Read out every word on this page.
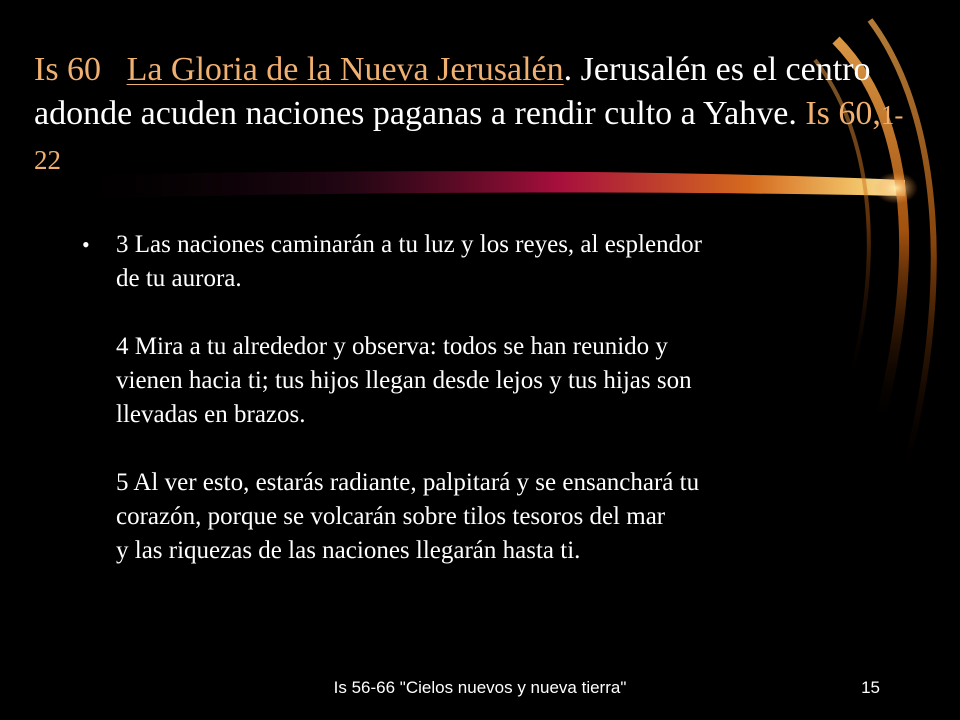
Is 60 La Gloria de la Nueva Jerusalén. Jerusalén es el centro adonde acuden naciones paganas a rendir culto a Yahve. Is 60,1-22
• 3 Las naciones caminarán a tu luz y los reyes, al esplendor
de tu aurora.

4 Mira a tu alrededor y observa: todos se han reunido y
vienen hacia ti; tus hijos llegan desde lejos y tus hijas son
llevadas en brazos.

5 Al ver esto, estarás radiante, palpitará y se ensanchará tu
corazón, porque se volcarán sobre tilos tesoros del mar
y las riquezas de las naciones llegarán hasta ti.

Is 56-66 "Cielos nuevos y nueva tierra"	15
